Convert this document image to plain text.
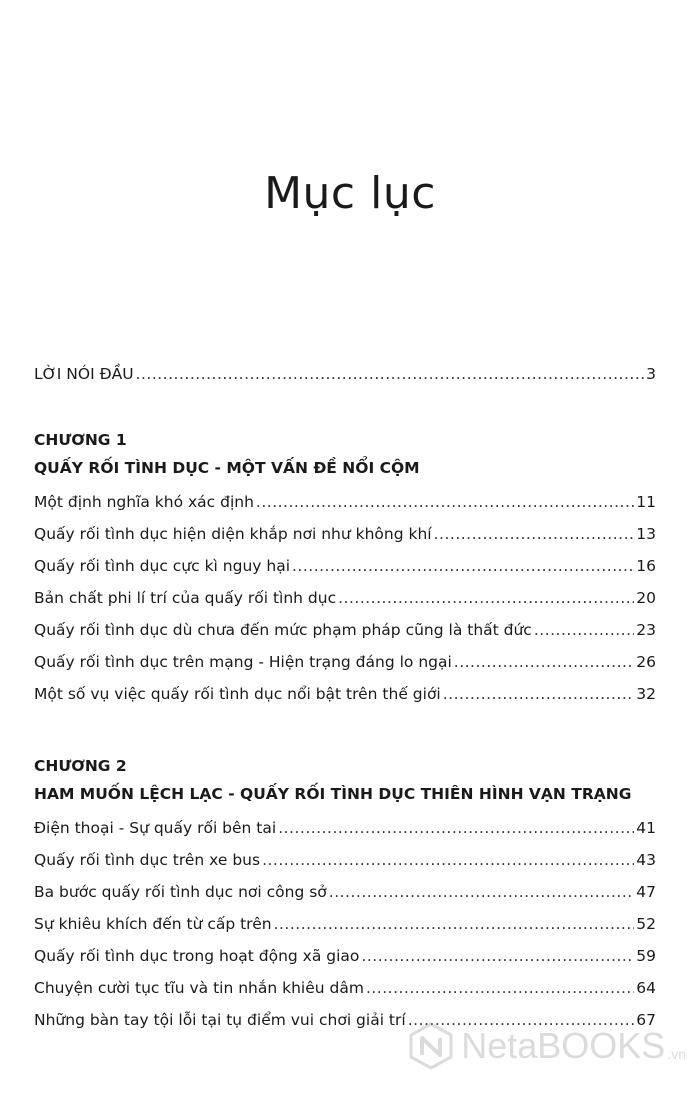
Mục lục
LỜI NÓI ĐẦU .....	3
CHƯƠNG 1
QUẤY RỐI TÌNH DỤC - MỘT VẤN ĐỀ NỔI CỘM
Một định nghĩa khó xác định .....	11
Quấy rối tình dục hiện diện khắp nơi như không khí .....	13
Quấy rối tình dục cực kì nguy hại .....	16
Bản chất phi lí trí của quấy rối tình dục .....	20
Quấy rối tình dục dù chưa đến mức phạm pháp cũng là thất đức .....	23
Quấy rối tình dục trên mạng - Hiện trạng đáng lo ngại .....	26
Một số vụ việc quấy rối tình dục nổi bật trên thế giới .....	32
CHƯƠNG 2
HAM MUỐN LỆCH LẠC - QUẤY RỐI TÌNH DỤC THIÊN HÌNH VẠN TRẠNG
Điện thoại - Sự quấy rối bên tai .....	41
Quấy rối tình dục trên xe bus .....	43
Ba bước quấy rối tình dục nơi công sở .....	47
Sự khiêu khích đến từ cấp trên .....	52
Quấy rối tình dục trong hoạt động xã giao .....	59
Chuyện cười tục tĩu và tin nhắn khiêu dâm .....	64
Những bàn tay tội lỗi tại tụ điểm vui chơi giải trí .....	67
NetaBOOKS .vn
